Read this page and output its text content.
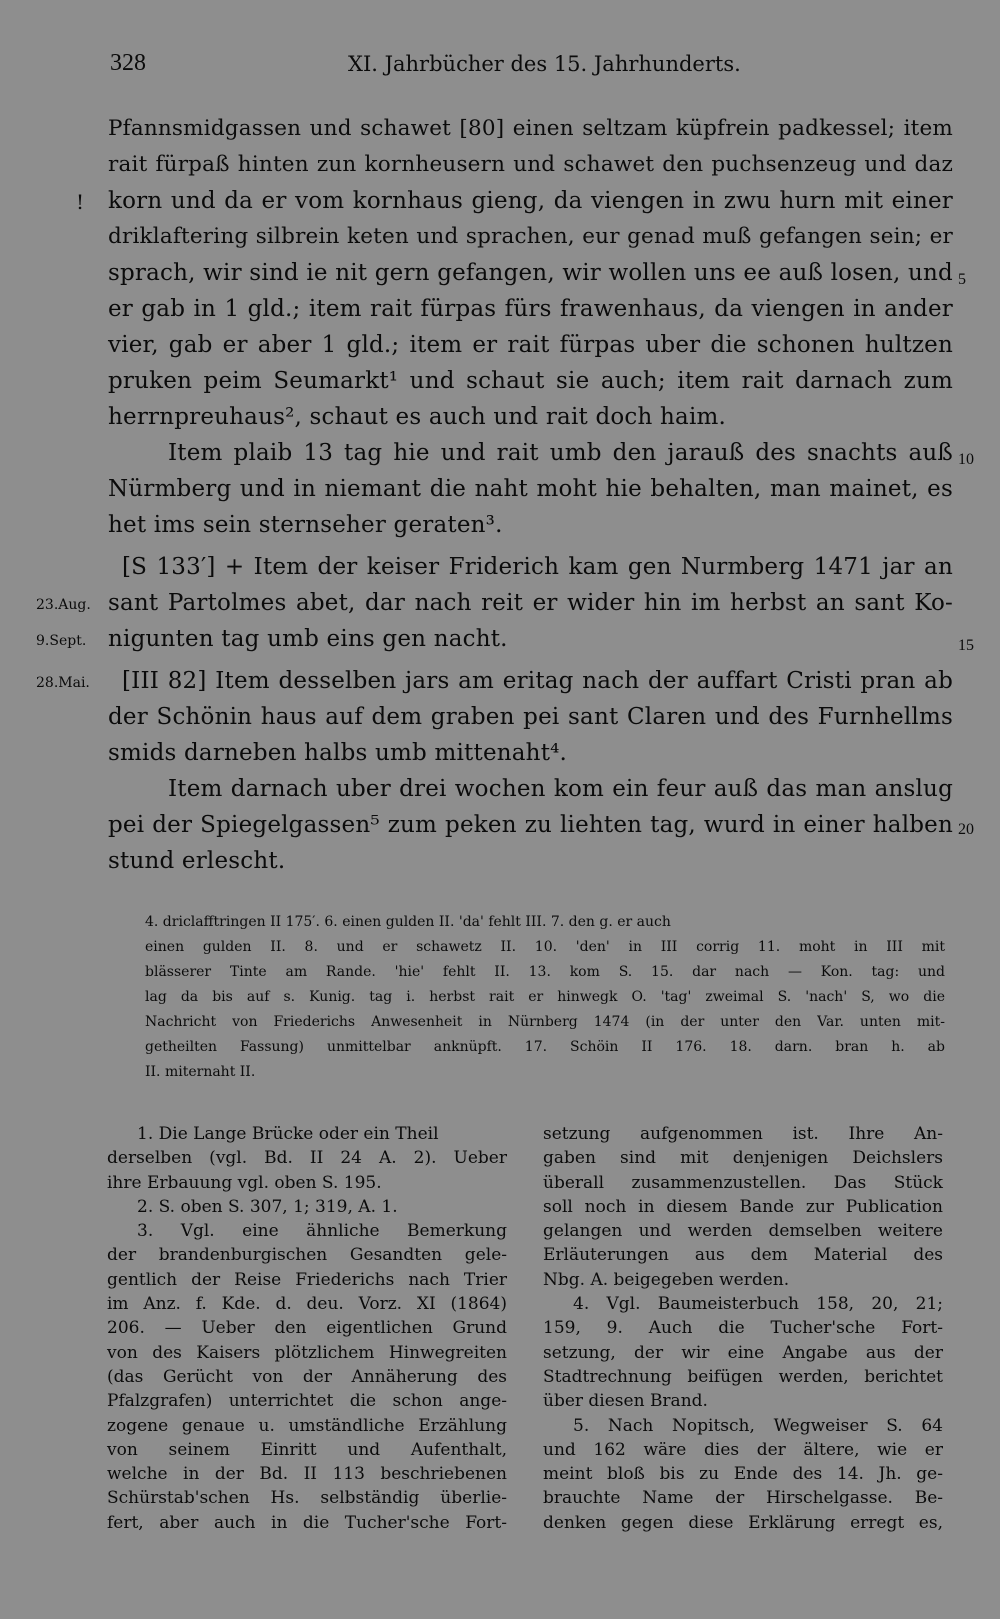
328	XI. Jahrbücher des 15. Jahrhunderts.
!
Pfannsmidgassen und schawet [80] einen seltzam küpfrein padkessel; item
rait fürpaß hinten zun kornheusern und schawet den puchsenzeug und daz
korn und da er vom kornhaus gieng, da viengen in zwu hurn mit einer
driklaftering silbrein keten und sprachen, eur genad muß gefangen sein; er
sprach, wir sind ie nit gern gefangen, wir wollen uns ee auß losen, und
er gab in 1 gld.; item rait fürpas fürs frawenhaus, da viengen in ander
vier, gab er aber 1 gld.; item er rait fürpas uber die schonen hultzen
pruken peim Seumarkt¹ und schaut sie auch; item rait darnach zum
herrnpreuhaus², schaut es auch und rait doch haim.
Item plaib 13 tag hie und rait umb den jarauß des snachts auß
Nürmberg und in niemant die naht moht hie behalten, man mainet, es
het ims sein sternseher geraten³.
[S 133′] + Item der keiser Friderich kam gen Nurmberg 1471 jar an
sant Partolmes abet, dar nach reit er wider hin im herbst an sant Ko-
nigunten tag umb eins gen nacht.
[III 82] Item desselben jars am eritag nach der auffart Cristi pran ab
der Schönin haus auf dem graben pei sant Claren und des Furnhellms
smids darneben halbs umb mittenaht⁴.
Item darnach uber drei wochen kom ein feur auß das man anslug
pei der Spiegelgassen⁵ zum peken zu liehten tag, wurd in einer halben
stund erlescht.
5
10
15
20
23.Aug.
9.Sept.
28.Mai.
4. driclafftringen II 175′. 6. einen gulden II. 'da' fehlt III. 7. den g. er auch
einen gulden II. 8. und er schawetz II. 10. 'den' in III corrig 11. moht in III mit
blässerer Tinte am Rande. 'hie' fehlt II. 13. kom S. 15. dar nach — Kon. tag: und
lag da bis auf s. Kunig. tag i. herbst rait er hinwegk O. 'tag' zweimal S. 'nach' S, wo die
Nachricht von Friederichs Anwesenheit in Nürnberg 1474 (in der unter den Var. unten mit-
getheilten Fassung) unmittelbar anknüpft. 17. Schöin II 176. 18. darn. bran h. ab
II. miternaht II.
1. Die Lange Brücke oder ein Theil
derselben (vgl. Bd. II 24 A. 2). Ueber
ihre Erbauung vgl. oben S. 195.
2. S. oben S. 307, 1; 319, A. 1.
3. Vgl. eine ähnliche Bemerkung
der brandenburgischen Gesandten gele-
gentlich der Reise Friederichs nach Trier
im Anz. f. Kde. d. deu. Vorz. XI (1864)
206. — Ueber den eigentlichen Grund
von des Kaisers plötzlichem Hinwegreiten
(das Gerücht von der Annäherung des
Pfalzgrafen) unterrichtet die schon ange-
zogene genaue u. umständliche Erzählung
von seinem Einritt und Aufenthalt,
welche in der Bd. II 113 beschriebenen
Schürstab'schen Hs. selbständig überlie-
fert, aber auch in die Tucher'sche Fort-
setzung aufgenommen ist. Ihre An-
gaben sind mit denjenigen Deichslers
überall zusammenzustellen. Das Stück
soll noch in diesem Bande zur Publication
gelangen und werden demselben weitere
Erläuterungen aus dem Material des
Nbg. A. beigegeben werden.
4. Vgl. Baumeisterbuch 158, 20, 21;
159, 9. Auch die Tucher'sche Fort-
setzung, der wir eine Angabe aus der
Stadtrechnung beifügen werden, berichtet
über diesen Brand.
5. Nach Nopitsch, Wegweiser S. 64
und 162 wäre dies der ältere, wie er
meint bloß bis zu Ende des 14. Jh. ge-
brauchte Name der Hirschelgasse. Be-
denken gegen diese Erklärung erregt es,
